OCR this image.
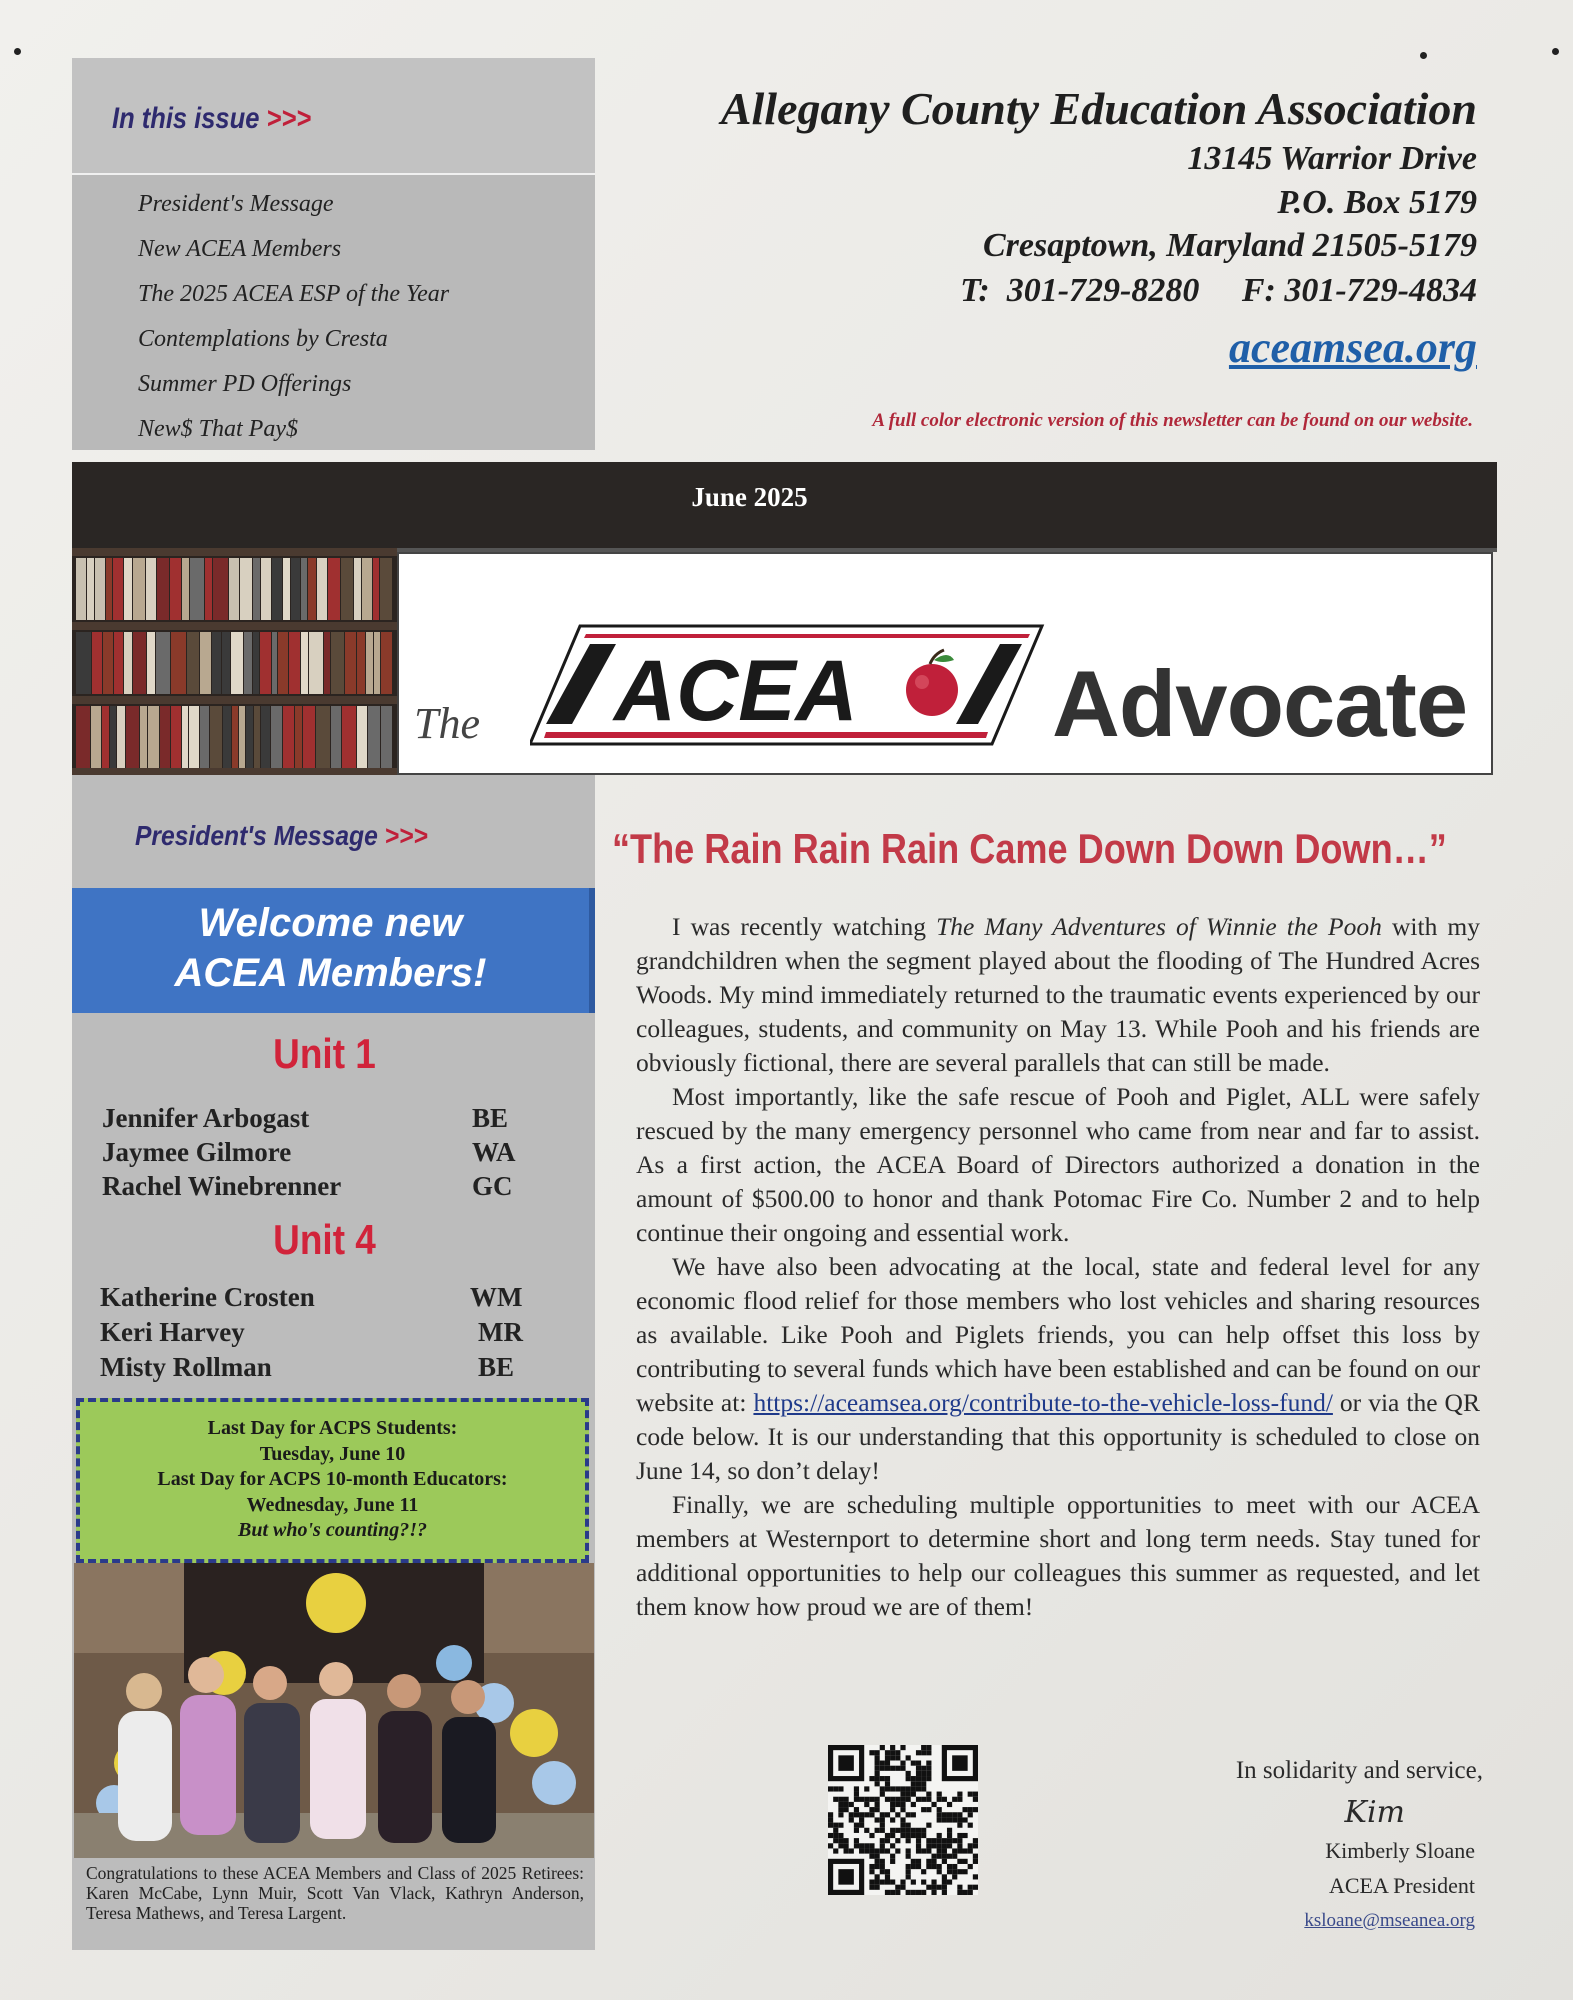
In this issue >>>
President's Message
New ACEA Members
The 2025 ACEA ESP of the Year
Contemplations by Cresta
Summer PD Offerings
New$ That Pay$
Allegany County Education Association
13145 Warrior Drive
P.O. Box 5179
Cresaptown, Maryland 21505-5179
T:  301-729-8280     F: 301-729-4834
aceamsea.org
A full color electronic version of this newsletter can be found on our website.
June 2025
The ACEA Advocate
President's Message >>>
Welcome new
ACEA Members!
Unit 1
Jennifer Arbogast	BE
Jaymee Gilmore	WA
Rachel Winebrenner	GC
Unit 4
Katherine Crosten	WM
Keri Harvey	MR
Misty Rollman	BE
Last Day for ACPS Students:
Tuesday, June 10
Last Day for ACPS 10-month Educators:
Wednesday, June 11
But who's counting?!?
Congratulations to these ACEA Members and Class of 2025 Retirees: Karen McCabe, Lynn Muir, Scott Van Vlack, Kathryn Anderson, Teresa Mathews, and Teresa Largent.
“The Rain Rain Rain Came Down Down Down…”

I was recently watching The Many Adventures of Winnie the Pooh with my grandchildren when the segment played about the flooding of The Hundred Acres Woods. My mind immediately returned to the traumatic events experienced by our colleagues, students, and community on May 13. While Pooh and his friends are obviously fictional, there are several parallels that can still be made.

Most importantly, like the safe rescue of Pooh and Piglet, ALL were safely rescued by the many emergency personnel who came from near and far to assist. As a first action, the ACEA Board of Directors authorized a donation in the amount of $500.00 to honor and thank Potomac Fire Co. Number 2 and to help continue their ongoing and essential work.

We have also been advocating at the local, state and federal level for any economic flood relief for those members who lost vehicles and sharing resources as available. Like Pooh and Piglets friends, you can help offset this loss by contributing to several funds which have been established and can be found on our website at: https://aceamsea.org/contribute-to-the-vehicle-loss-fund/ or via the QR code below. It is our understanding that this opportunity is scheduled to close on June 14, so don’t delay!

Finally, we are scheduling multiple opportunities to meet with our ACEA members at Westernport to determine short and long term needs. Stay tuned for additional opportunities to help our colleagues this summer as requested, and let them know how proud we are of them!

In solidarity and service,
Kim
Kimberly Sloane
ACEA President
ksloane@mseanea.org
